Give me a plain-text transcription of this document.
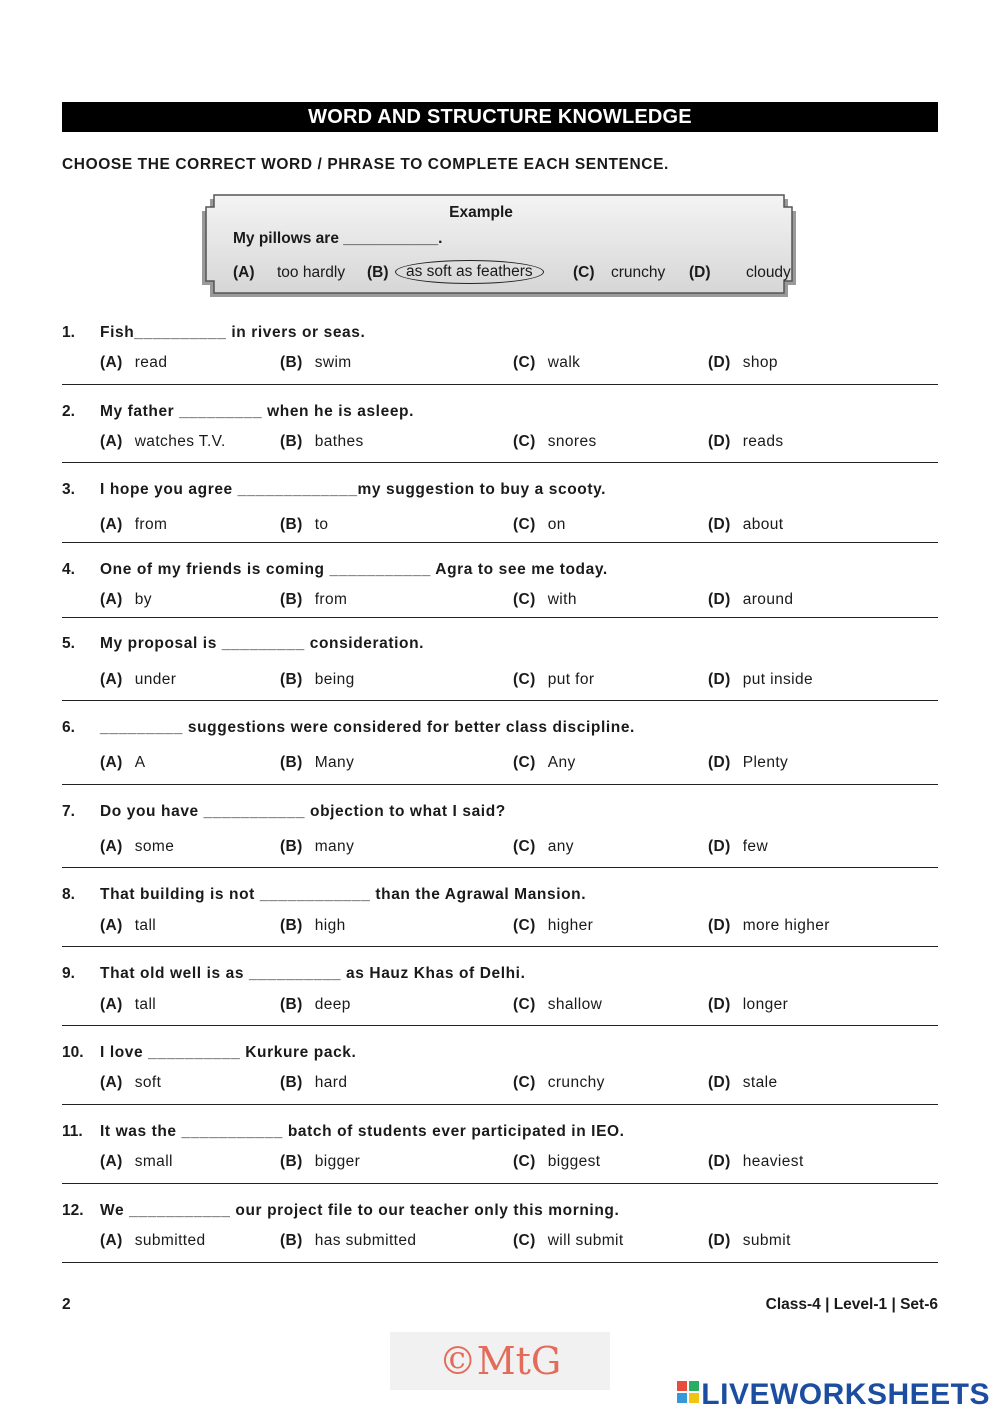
WORD AND STRUCTURE KNOWLEDGE
CHOOSE THE CORRECT WORD / PHRASE TO COMPLETE EACH SENTENCE.
Example
My pillows are ___________.
(A) too hardly (B)	as soft as feathers	(C) crunchy (D) cloudy
1. Fish__________ in rivers or seas.
(A) read	(B) swim	(C) walk	(D) shop
2. My father _________ when he is asleep.
(A) watches T.V.	(B) bathes	(C) snores	(D) reads
3. I hope you agree _____________my suggestion to buy a scooty.
(A) from	(B) to	(C) on	(D) about
4. One of my friends is coming ___________ Agra to see me today.
(A) by	(B) from	(C) with	(D) around
5. My proposal is _________ consideration.
(A) under	(B) being	(C) put for	(D) put inside
6. _________ suggestions were considered for better class discipline.
(A) A	(B) Many	(C) Any	(D) Plenty
7. Do you have ___________ objection to what I said?
(A) some	(B) many	(C) any	(D) few
8. That building is not ____________ than the Agrawal Mansion.
(A) tall	(B) high	(C) higher	(D) more higher
9. That old well is as __________ as Hauz Khas of Delhi.
(A) tall	(B) deep	(C) shallow	(D) longer
10. I love __________ Kurkure pack.
(A) soft	(B) hard	(C) crunchy	(D) stale
11. It was the ___________ batch of students ever participated in IEO.
(A) small	(B) bigger	(C) biggest	(D) heaviest
12. We ___________ our project file to our teacher only this morning.
(A) submitted	(B) has submitted	(C) will submit	(D) submit
2	Class-4 | Level-1 | Set-6
©MtG
LIVEWORKSHEETS
